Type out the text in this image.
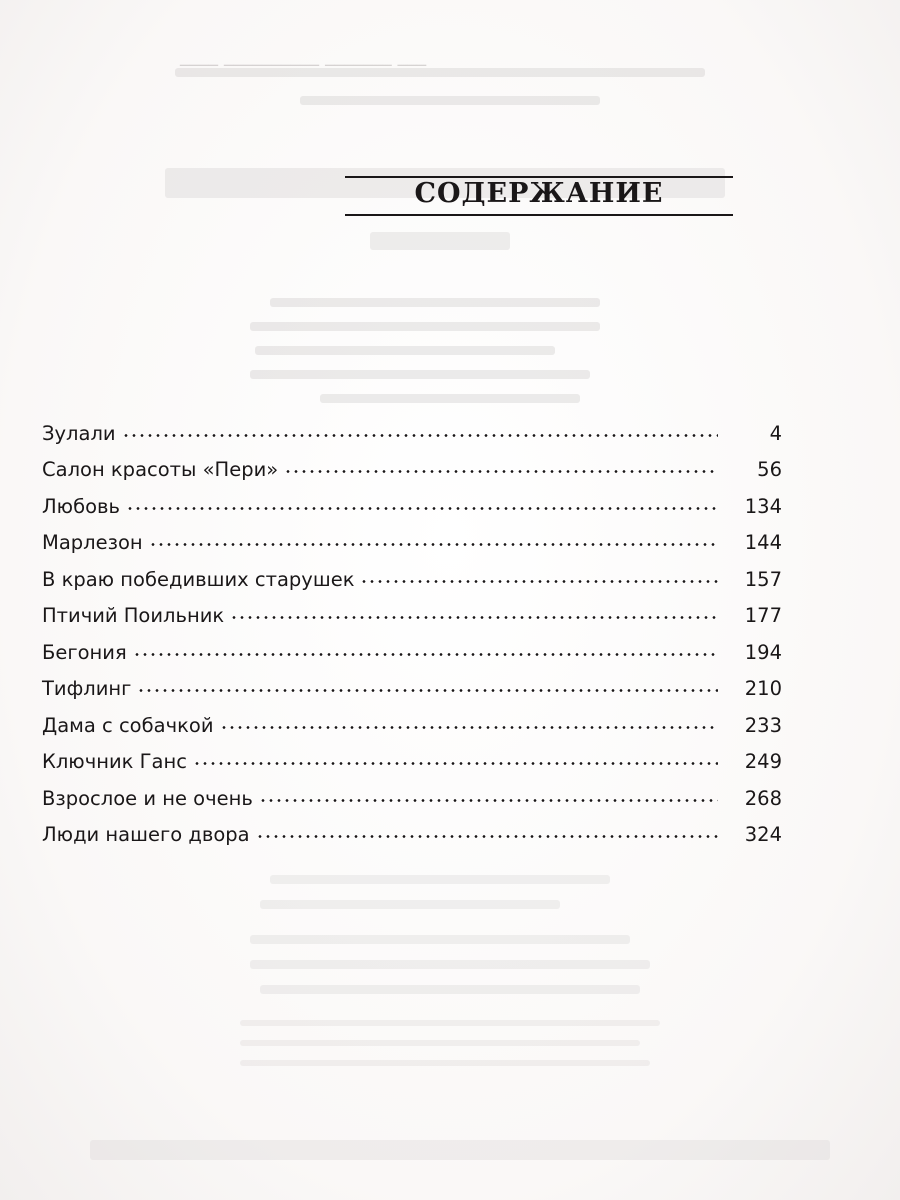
‾‾‾ ‾‾‾‾‾‾‾ ‾‾‾‾‾‾‾‾‾‾ ‾‾‾‾
СОДЕРЖАНИЕ
Зулали	4
Салон красоты «Пери»	56
Любовь	134
Марлезон	144
В краю победивших старушек	157
Птичий Поильник	177
Бегония	194
Тифлинг	210
Дама с собачкой	233
Ключник Ганс	249
Взрослое и не очень	268
Люди нашего двора	324
